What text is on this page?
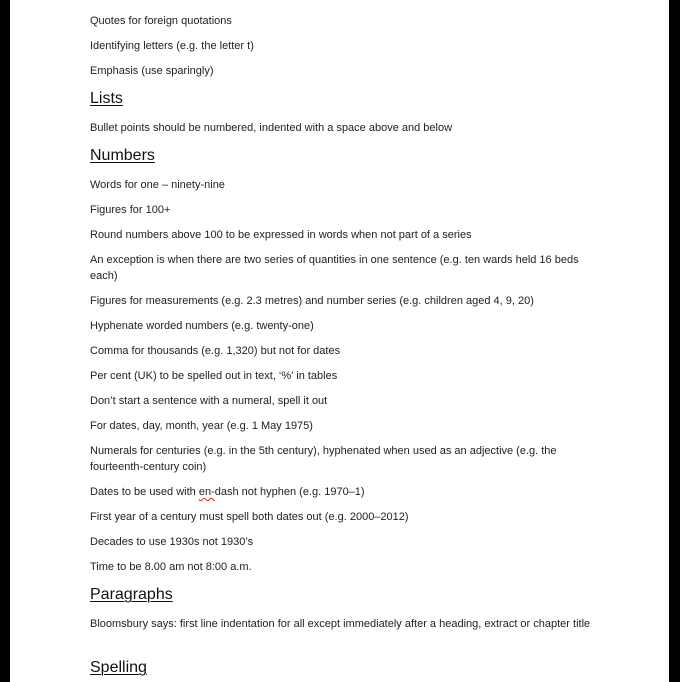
Quotes for foreign quotations
Identifying letters (e.g. the letter t)
Emphasis (use sparingly)
Lists
Bullet points should be numbered, indented with a space above and below
Numbers
Words for one – ninety-nine
Figures for 100+
Round numbers above 100 to be expressed in words when not part of a series
An exception is when there are two series of quantities in one sentence (e.g. ten wards held 16 beds each)
Figures for measurements (e.g. 2.3 metres) and number series (e.g. children aged 4, 9, 20)
Hyphenate worded numbers (e.g. twenty-one)
Comma for thousands (e.g. 1,320) but not for dates
Per cent (UK) to be spelled out in text, ‘%’ in tables
Don’t start a sentence with a numeral, spell it out
For dates, day, month, year (e.g. 1 May 1975)
Numerals for centuries (e.g. in the 5th century), hyphenated when used as an adjective (e.g. the fourteenth-century coin)
Dates to be used with en-dash not hyphen (e.g. 1970–1)
First year of a century must spell both dates out (e.g. 2000–2012)
Decades to use 1930s not 1930’s
Time to be 8.00 am not 8:00 a.m.
Paragraphs
Bloomsbury says: first line indentation for all except immediately after a heading, extract or chapter title
Spelling
